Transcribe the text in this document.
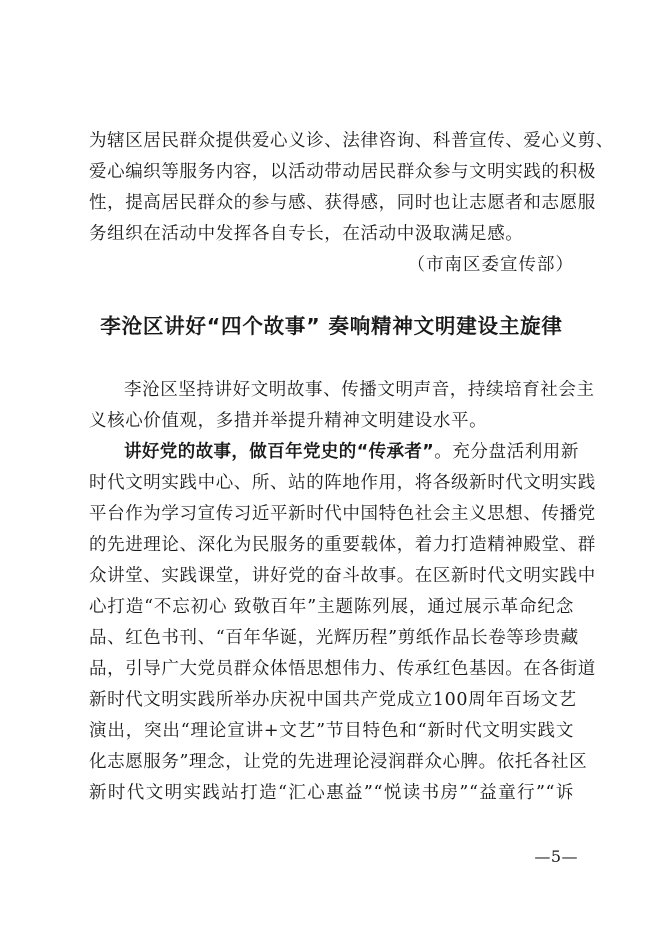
为辖区居民群众提供爱心义诊、法律咨询、科普宣传、爱心义剪、
爱心编织等服务内容，以活动带动居民群众参与文明实践的积极
性，提高居民群众的参与感、获得感，同时也让志愿者和志愿服
务组织在活动中发挥各自专长，在活动中汲取满足感。
（市南区委宣传部）
李沧区讲好“四个故事” 奏响精神文明建设主旋律
李沧区坚持讲好文明故事、传播文明声音，持续培育社会主
义核心价值观，多措并举提升精神文明建设水平。
讲好党的故事，做百年党史的“传承者”。充分盘活利用新
时代文明实践中心、所、站的阵地作用，将各级新时代文明实践
平台作为学习宣传习近平新时代中国特色社会主义思想、传播党
的先进理论、深化为民服务的重要载体，着力打造精神殿堂、群
众讲堂、实践课堂，讲好党的奋斗故事。在区新时代文明实践中
心打造“不忘初心 致敬百年”主题陈列展，通过展示革命纪念
品、红色书刊、“百年华诞，光辉历程”剪纸作品长卷等珍贵藏
品，引导广大党员群众体悟思想伟力、传承红色基因。在各街道
新时代文明实践所举办庆祝中国共产党成立100周年百场文艺
演出，突出“理论宣讲+文艺”节目特色和“新时代文明实践文
化志愿服务”理念，让党的先进理论浸润群众心脾。依托各社区
新时代文明实践站打造“汇心惠益”“悦读书房”“益童行”“诉
—5—
